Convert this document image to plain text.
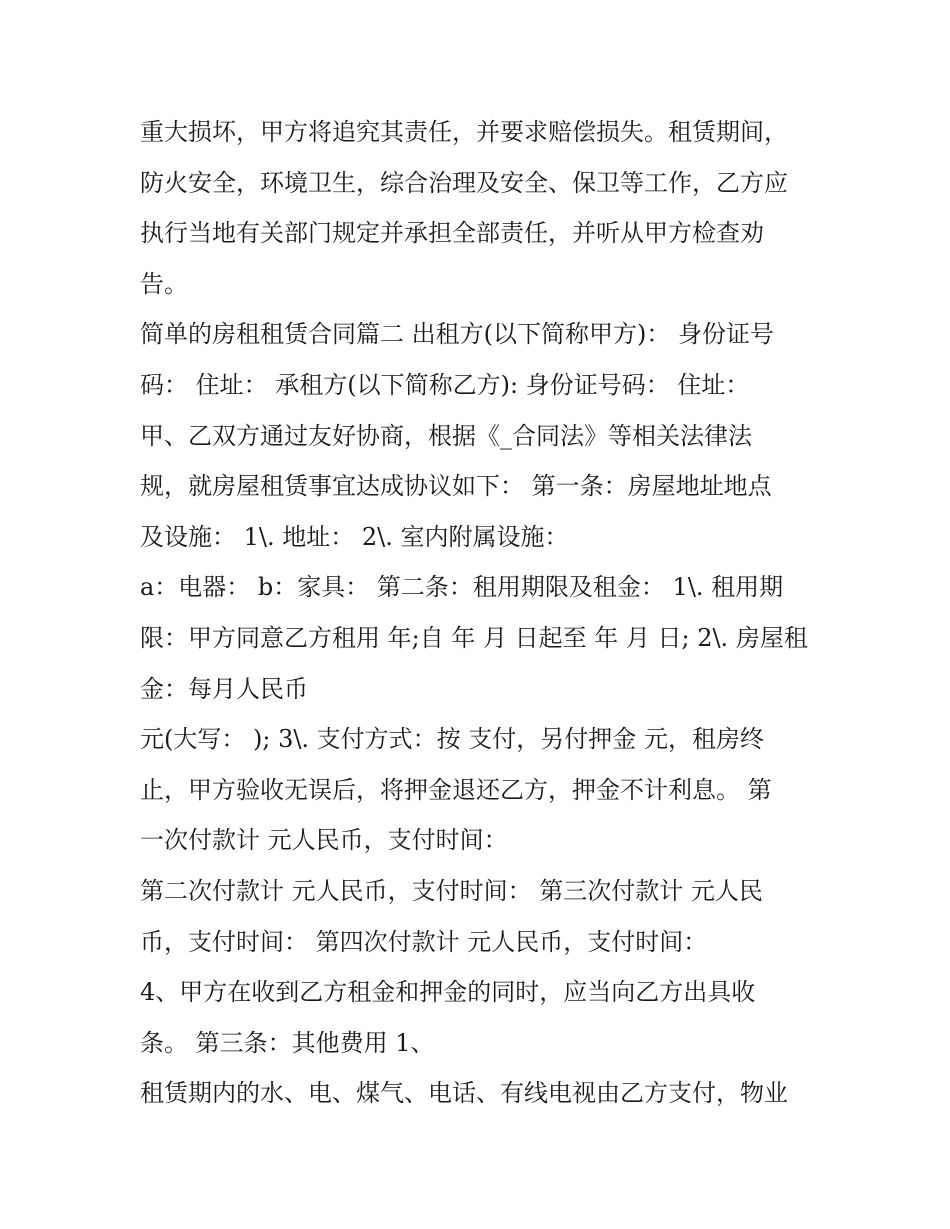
重大损坏，甲方将追究其责任，并要求赔偿损失。租赁期间，
防火安全，环境卫生，综合治理及安全、保卫等工作，乙方应
执行当地有关部门规定并承担全部责任，并听从甲方检查劝
告。
简单的房租租赁合同篇二 出租方(以下简称甲方)： 身份证号
码： 住址： 承租方(以下简称乙方): 身份证号码： 住址：
甲、乙双方通过友好协商，根据《_合同法》等相关法律法
规，就房屋租赁事宜达成协议如下： 第一条：房屋地址地点
及设施： 1\. 地址： 2\. 室内附属设施：
a：电器： b：家具： 第二条：租用期限及租金： 1\. 租用期
限：甲方同意乙方租用 年;自 年 月 日起至 年 月 日; 2\. 房屋租
金：每月人民币
元(大写： ); 3\. 支付方式：按 支付，另付押金 元，租房终
止，甲方验收无误后，将押金退还乙方，押金不计利息。 第
一次付款计 元人民币，支付时间：
第二次付款计 元人民币，支付时间： 第三次付款计 元人民
币，支付时间： 第四次付款计 元人民币，支付时间：
4、甲方在收到乙方租金和押金的同时，应当向乙方出具收
条。 第三条：其他费用 1、
租赁期内的水、电、煤气、电话、有线电视由乙方支付，物业
